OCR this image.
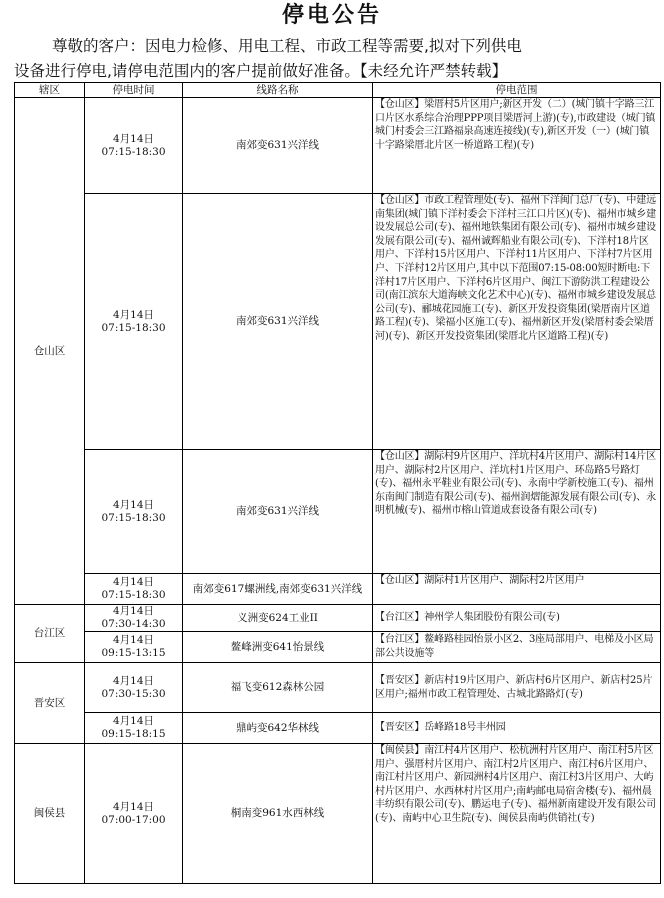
停电公告
尊敬的客户：因电力检修、用电工程、市政工程等需要,拟对下列供电
设备进行停电,请停电范围内的客户提前做好准备。【未经允许严禁转载】
辖区	停电时间	线路名称	停电范围
仓山区	4月14日
07:15-18:30	南郊变631兴洋线	【仓山区】梁厝村5片区用户;新区开发（二）(城门镇十字路三江口片区水系综合治理PPP项目梁厝河上游)(专),市政建设（城门镇城门村委会三江路福泉高速连接线)(专),新区开发（一）(城门镇十字路梁厝北片区一桥道路工程)(专)

	4月14日
07:15-18:30	南郊变631兴洋线	【仓山区】市政工程管理处(专)、福州下洋闽门总厂(专)、中建远南集团(城门镇下洋村委会下洋村三江口片区)(专)、福州市城乡建设发展总公司(专)、福州地铁集团有限公司(专)、福州市城乡建设发展有限公司(专)、福州诚辉船业有限公司(专)、下洋村18片区用户、下洋村15片区用户、下洋村11片区用户、下洋村7片区用户、下洋村12片区用户,其中以下范围07:15-08:00短时断电:下洋村17片区用户、下洋村6片区用户、闽江下游防洪工程建设公司(南江滨东大道海峡文化艺术中心)(专)、福州市城乡建设发展总公司(专)、郦城花园施工(专)、新区开发投资集团(梁厝南片区道路工程)(专)、梁福小区施工(专)、福州新区开发(梁厝村委会梁厝河)(专)、新区开发投资集团(梁厝北片区道路工程)(专)

	4月14日
07:15-18:30	南郊变631兴洋线	【仓山区】湖际村9片区用户、洋坑村4片区用户、湖际村14片区用户、湖际村2片区用户、洋坑村1片区用户、环岛路5号路灯(专)、福州永平鞋业有限公司(专)、永南中学新校施工(专)、福州东南闽门制造有限公司(专)、福州润熠能源发展有限公司(专)、永明机械(专)、福州市榕山管道成套设备有限公司(专)

	4月14日
07:15-18:30	南郊变617螺洲线,南郊变631兴洋线	【仓山区】湖际村1片区用户、湖际村2片区用户
台江区	4月14日
07:30-14:30	义洲变624工业II	【台江区】神州学人集团股份有限公司(专)

	4月14日
09:15-13:15	鳌峰洲变641怡景线	【台江区】鳌峰路桂园怡景小区2、3座局部用户、电梯及小区局部公共设施等
晋安区	4月14日
07:30-15:30	福飞变612森林公园	【晋安区】新店村19片区用户、新店村6片区用户、新店村25片区用户;福州市政工程管理处、古城北路路灯(专)

	4月14日
09:15-18:15	鼎屿变642华林线	【晋安区】岳峰路18号丰州园
闽侯县	4月14日
07:00-17:00	桐南变961水西林线	【闽侯县】南江村4片区用户、松杭洲村片区用户、南江村5片区用户、强厝村片区用户、南江村2片区用户、南江村6片区用户、南江村片区用户、新园洲村4片区用户、南江村3片区用户、大屿村片区用户、水西林村片区用户;南屿邮电局宿舍楼(专)、福州晨丰纺织有限公司(专)、鹏运电子(专)、福州新南建设开发有限公司(专)、南屿中心卫生院(专)、闽侯县南屿供销社(专)
